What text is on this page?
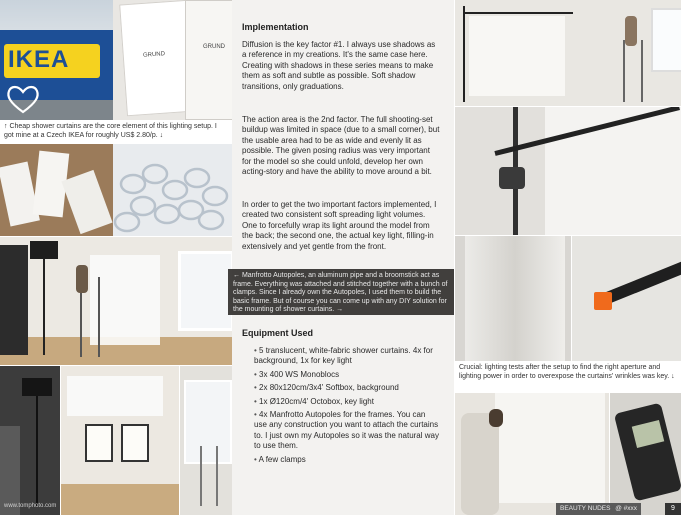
IKEA	GRUND
GRUND
↑ Cheap shower curtains are the core element of this lighting setup. I got mine at a Czech IKEA for roughly US$ 2.80/p. ↓
www.tomphoto.com
Implementation

Diffusion is the key factor #1. I always use shadows as a reference in my creations. It's the same case here. Creating with shadows in these series means to make them as soft and subtle as possible. Soft shadow transitions, only graduations.

The action area is the 2nd factor. The full shooting-set buildup was limited in space (due to a small corner), but the usable area had to be as wide and evenly lit as possible. The given posing radius was very important for the model so she could unfold, develop her own acting-story and have the ability to move around a bit.

In order to get the two important factors implemented, I created two consistent soft spreading light volumes. One to forcefully wrap its light around the model from the back; the second one, the actual key light, filling-in extensively and yet gentle from the front.

Equipment Used
• 5 translucent, white-fabric shower curtains. 4x for background, 1x for key light
• 3x 400 WS Monoblocs
• 2x 80x120cm/3x4' Softbox, background
• 1x Ø120cm/4' Octobox, key light
• 4x Manfrotto Autopoles for the frames. You can use any construction you want to attach the curtains to. I just own my Autopoles so it was the natural way to use them.
• A few clamps
← Manfrotto Autopoles, an aluminum pipe and a broomstick act as frame. Everything was attached and stitched together with a bunch of clamps. Since I already own the Autopoles, I used them to build the basic frame. But of course you can come up with any DIY solution for the mounting of shower curtains. →
Crucial: lighting tests after the setup to find the right aperture and lighting power in order to overexpose the curtains' wrinkles was key. ↓
BEAUTY NUDES @ #xxx	9
